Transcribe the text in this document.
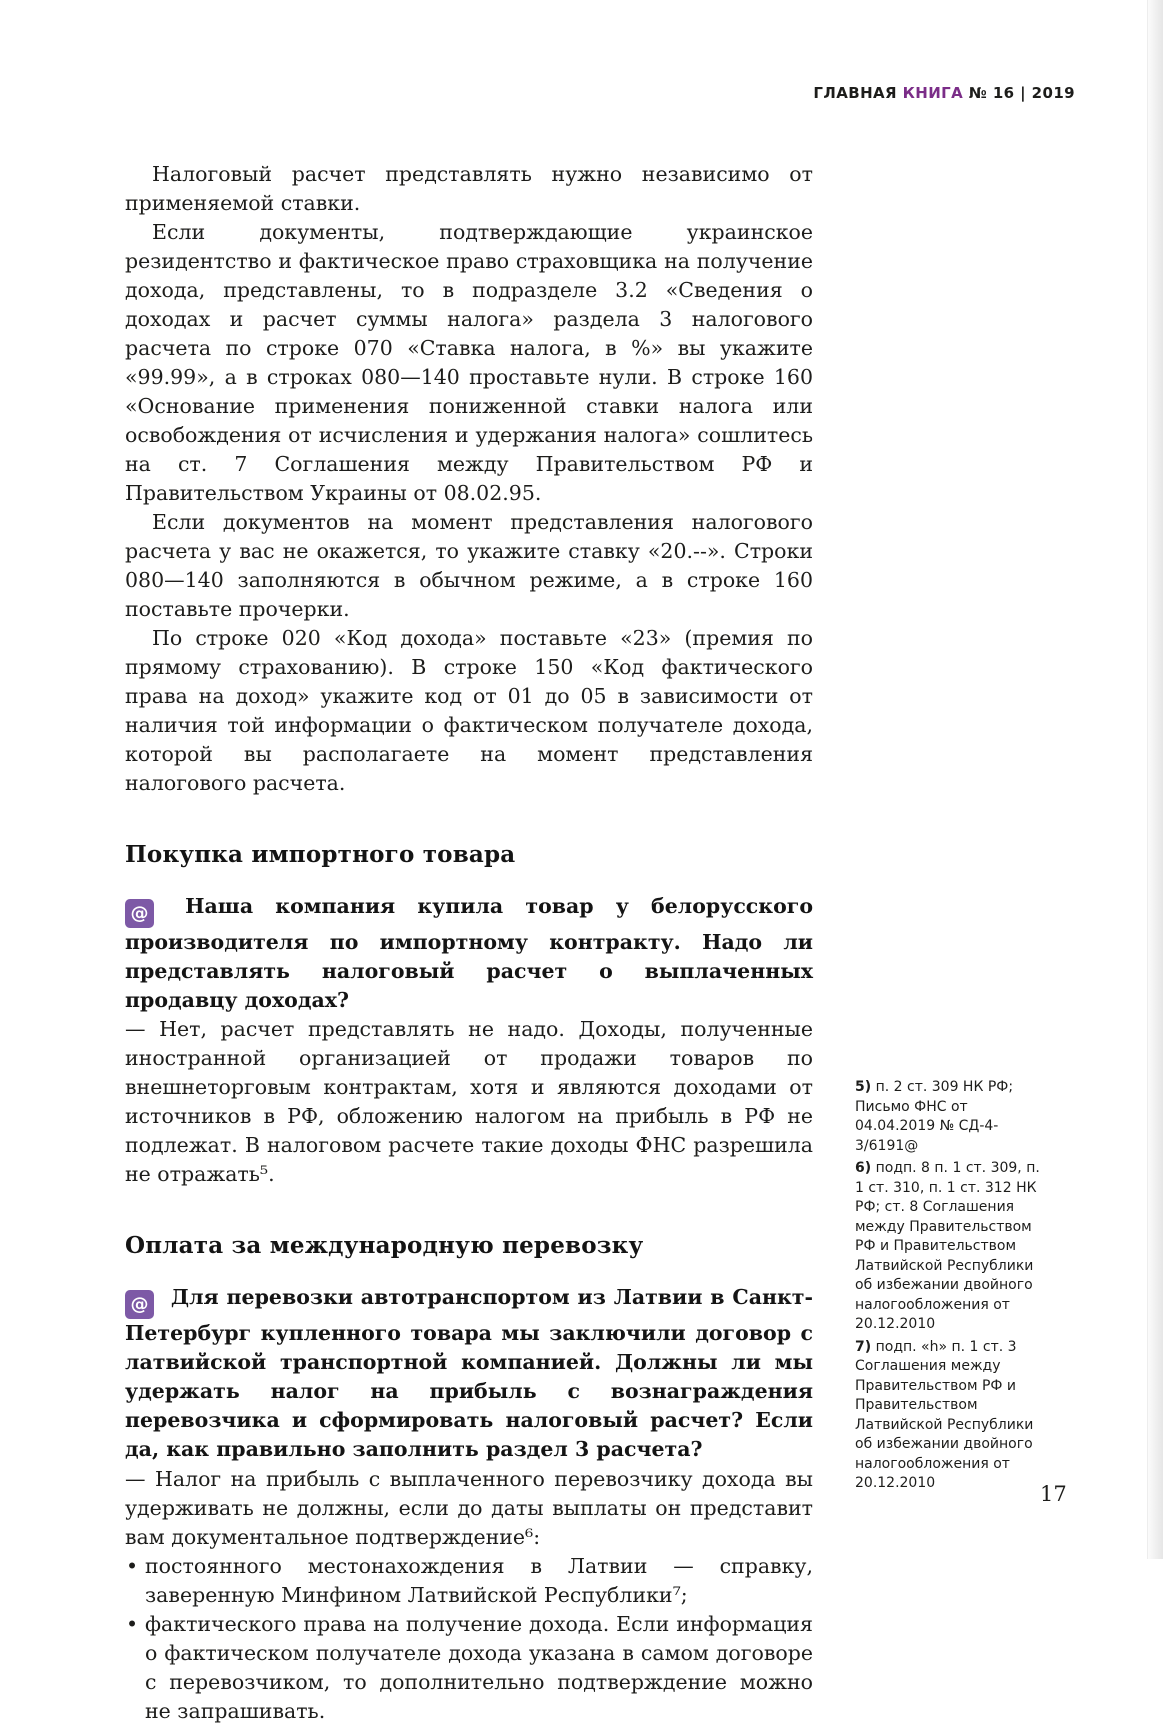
ГЛАВНАЯ КНИГА № 16 | 2019

Налоговый расчет представлять нужно независимо от применяемой ставки.

Если документы, подтверждающие украинское резидентство и фактическое право страховщика на получение дохода, представлены, то в подразделе 3.2 «Сведения о доходах и расчет суммы налога» раздела 3 налогового расчета по строке 070 «Ставка налога, в %» вы укажите «99.99», а в строках 080—140 проставьте нули. В строке 160 «Основание применения пониженной ставки налога или освобождения от исчисления и удержания налога» сошлитесь на ст. 7 Соглашения между Правительством РФ и Правительством Украины от 08.02.95.

Если документов на момент представления налогового расчета у вас не окажется, то укажите ставку «20.--». Строки 080—140 заполняются в обычном режиме, а в строке 160 поставьте прочерки.

По строке 020 «Код дохода» поставьте «23» (премия по прямому страхованию). В строке 150 «Код фактического права на доход» укажите код от 01 до 05 в зависимости от наличия той информации о фактическом получателе дохода, которой вы располагаете на момент представления налогового расчета.

Покупка импортного товара

@ Наша компания купила товар у белорусского производителя по импортному контракту. Надо ли представлять налоговый расчет о выплаченных продавцу доходах?

— Нет, расчет представлять не надо. Доходы, полученные иностранной организацией от продажи товаров по внешнеторговым контрактам, хотя и являются доходами от источников в РФ, обложению налогом на прибыль в РФ не подлежат. В налоговом расчете такие доходы ФНС разрешила не отражать⁵.

Оплата за международную перевозку

@ Для перевозки автотранспортом из Латвии в Санкт-Петербург купленного товара мы заключили договор с латвийской транспортной компанией. Должны ли мы удержать налог на прибыль с вознаграждения перевозчика и сформировать налоговый расчет? Если да, как правильно заполнить раздел 3 расчета?

— Налог на прибыль с выплаченного перевозчику дохода вы удерживать не должны, если до даты выплаты он представит вам документальное подтверждение⁶:

• постоянного местонахождения в Латвии — справку, заверенную Минфином Латвийской Республики⁷;
• фактического права на получение дохода. Если информация о фактическом получателе дохода указана в самом договоре с перевозчиком, то дополнительно подтверждение можно не запрашивать.

5) п. 2 ст. 309 НК РФ; Письмо ФНС от 04.04.2019 № СД-4-3/6191@

6) подп. 8 п. 1 ст. 309, п. 1 ст. 310, п. 1 ст. 312 НК РФ; ст. 8 Соглашения между Правительством РФ и Правительством Латвийской Республики об избежании двойного налогообложения от 20.12.2010

7) подп. «h» п. 1 ст. 3 Соглашения между Правительством РФ и Правительством Латвийской Республики об избежании двойного налогообложения от 20.12.2010	17
